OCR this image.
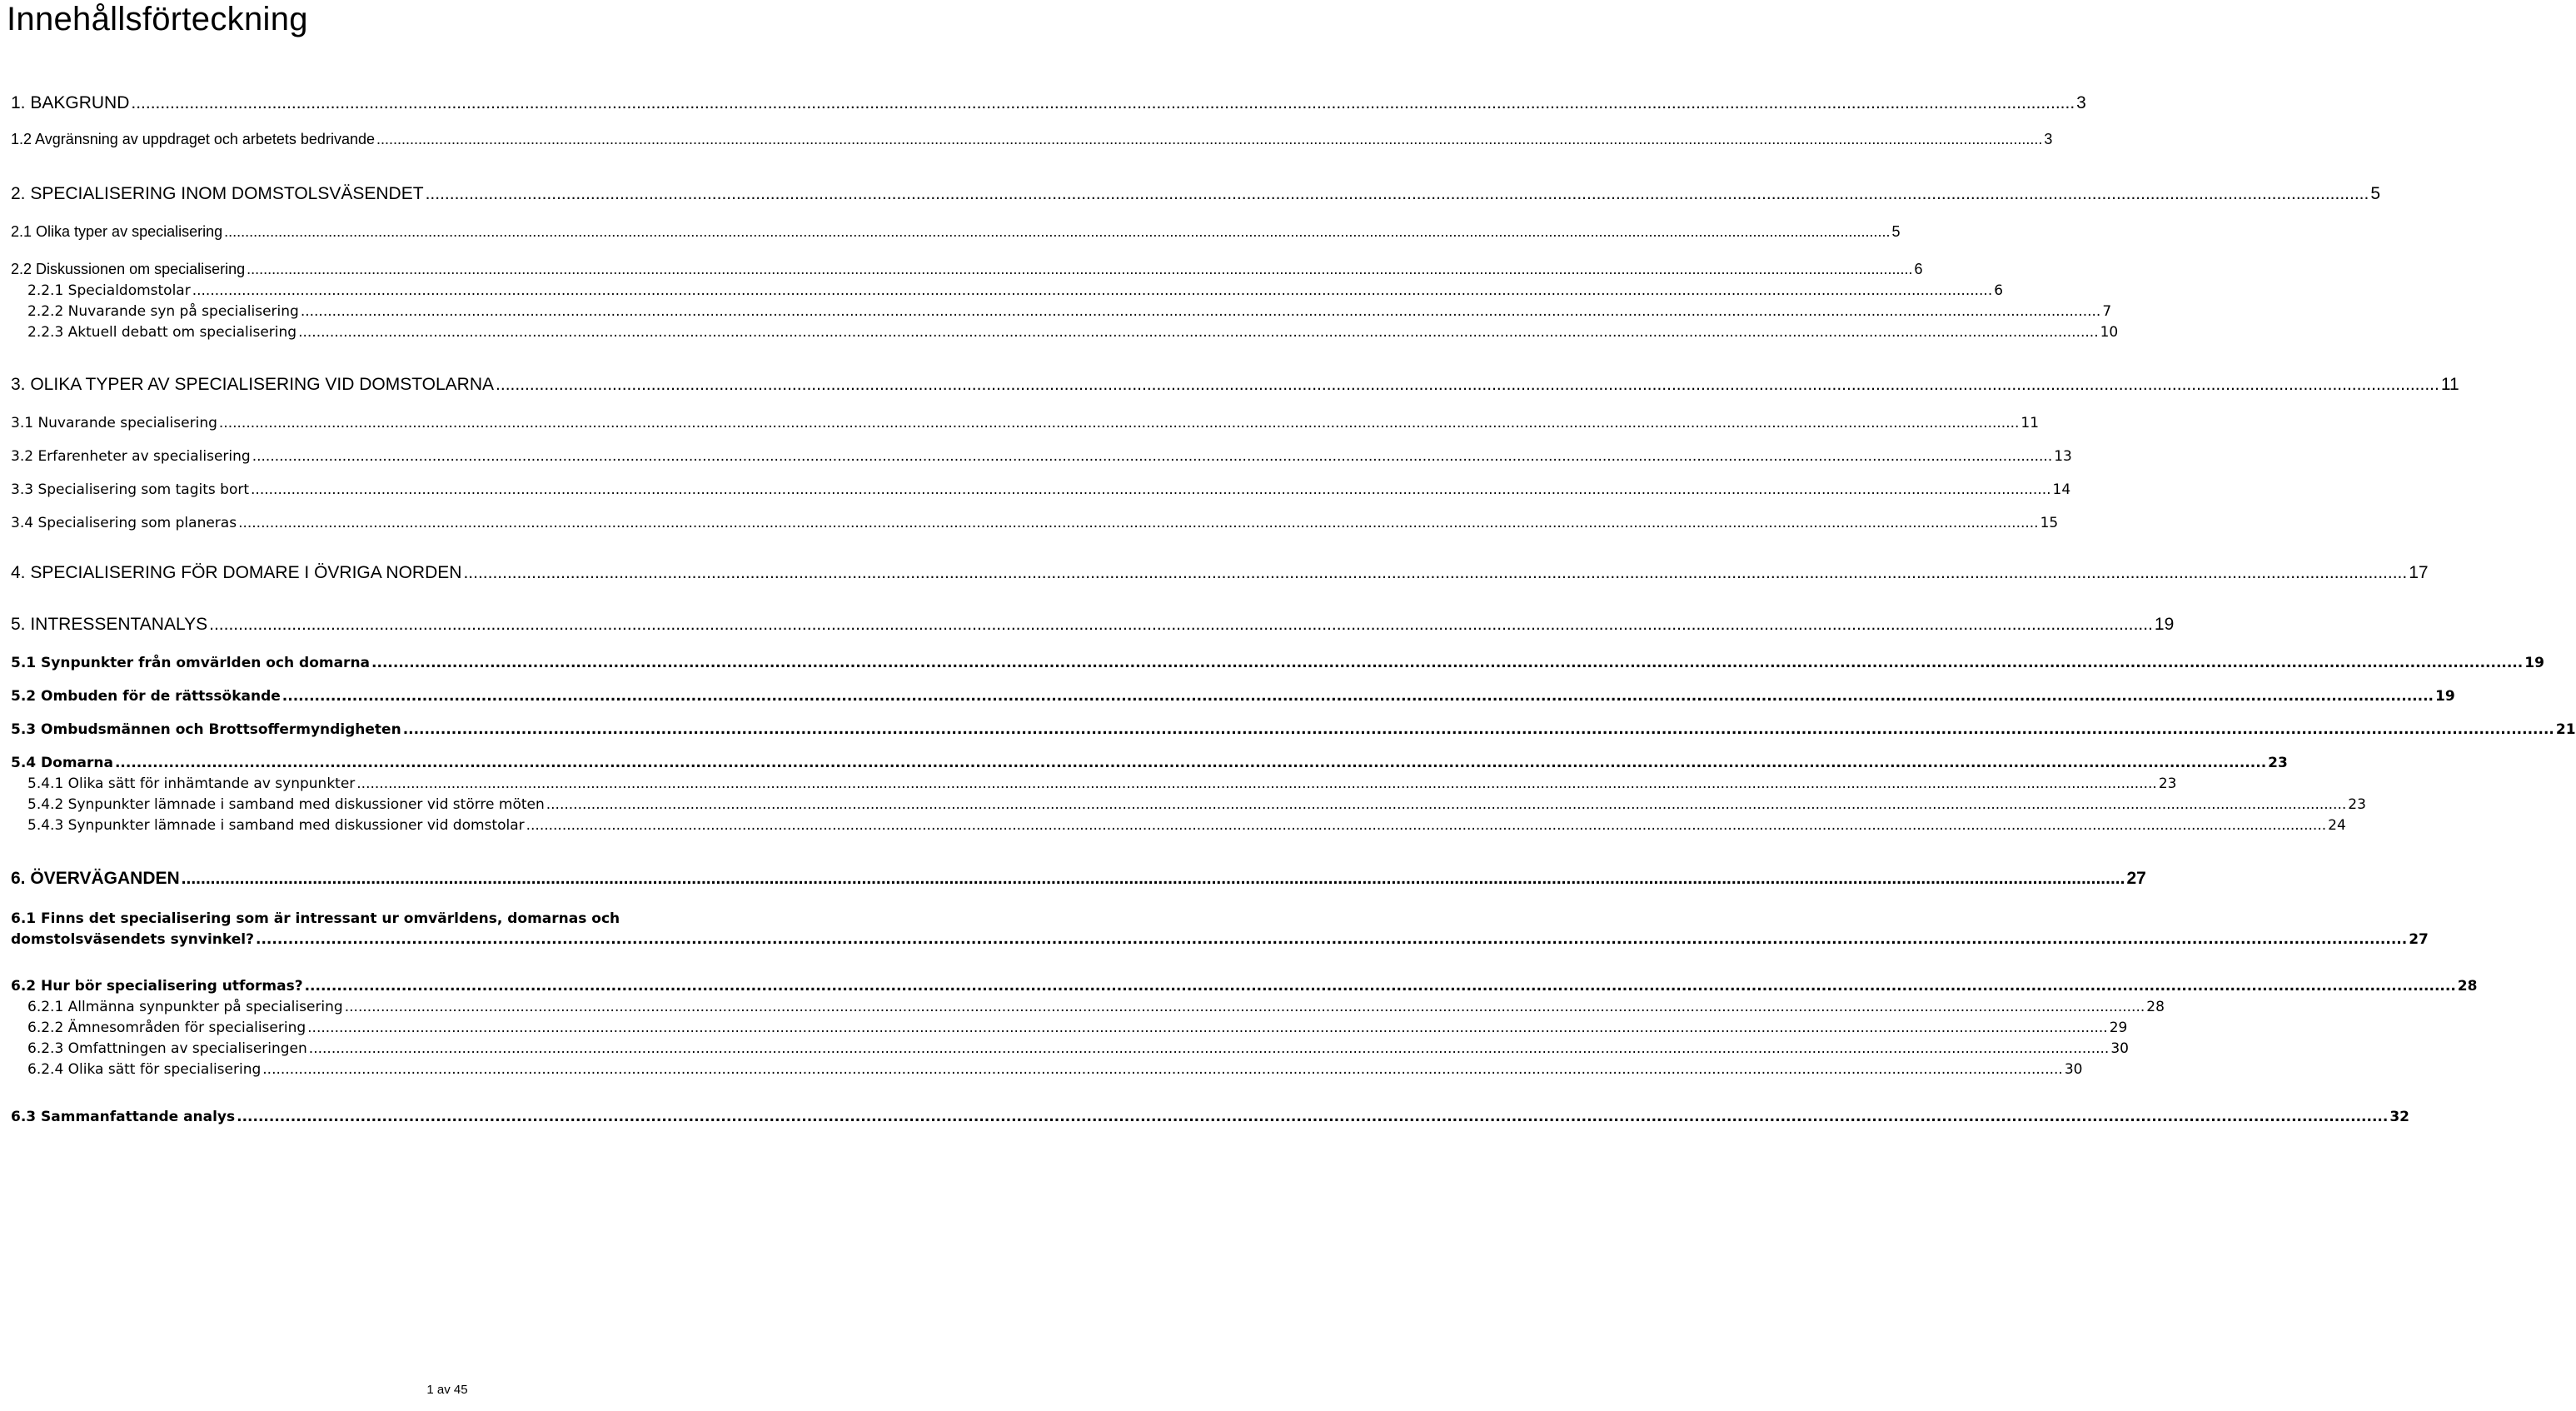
Innehållsförteckning
1. BAKGRUND ................................................................................................................................................................................................................................................................................................................................................................................................................ 3
1.2 Avgränsning av uppdraget och arbetets bedrivande ................................................................................................................................................................................................................................................................................................................................................................................................................ 3
2. SPECIALISERING INOM DOMSTOLSVÄSENDET ................................................................................................................................................................................................................................................................................................................................................................................................................ 5
2.1 Olika typer av specialisering ................................................................................................................................................................................................................................................................................................................................................................................................................ 5
2.2 Diskussionen om specialisering ................................................................................................................................................................................................................................................................................................................................................................................................................ 6
2.2.1 Specialdomstolar ................................................................................................................................................................................................................................................................................................................................................................................................................ 6
2.2.2 Nuvarande syn på specialisering ................................................................................................................................................................................................................................................................................................................................................................................................................ 7
2.2.3 Aktuell debatt om specialisering ................................................................................................................................................................................................................................................................................................................................................................................................................ 10
3. OLIKA TYPER AV SPECIALISERING VID DOMSTOLARNA ................................................................................................................................................................................................................................................................................................................................................................................................................ 11
3.1 Nuvarande specialisering ................................................................................................................................................................................................................................................................................................................................................................................................................ 11
3.2 Erfarenheter av specialisering ................................................................................................................................................................................................................................................................................................................................................................................................................ 13
3.3 Specialisering som tagits bort ................................................................................................................................................................................................................................................................................................................................................................................................................ 14
3.4 Specialisering som planeras ................................................................................................................................................................................................................................................................................................................................................................................................................ 15
4. SPECIALISERING FÖR DOMARE I ÖVRIGA NORDEN ................................................................................................................................................................................................................................................................................................................................................................................................................ 17
5. INTRESSENTANALYS ................................................................................................................................................................................................................................................................................................................................................................................................................ 19
5.1 Synpunkter från omvärlden och domarna ................................................................................................................................................................................................................................................................................................................................................................................................................ 19
5.2 Ombuden för de rättssökande ................................................................................................................................................................................................................................................................................................................................................................................................................ 19
5.3 Ombudsmännen och Brottsoffermyndigheten ................................................................................................................................................................................................................................................................................................................................................................................................................ 21
5.4 Domarna ................................................................................................................................................................................................................................................................................................................................................................................................................ 23
5.4.1 Olika sätt för inhämtande av synpunkter ................................................................................................................................................................................................................................................................................................................................................................................................................ 23
5.4.2 Synpunkter lämnade i samband med diskussioner vid större möten ................................................................................................................................................................................................................................................................................................................................................................................................................ 23
5.4.3 Synpunkter lämnade i samband med diskussioner vid domstolar ................................................................................................................................................................................................................................................................................................................................................................................................................ 24
6. ÖVERVÄGANDEN ................................................................................................................................................................................................................................................................................................................................................................................................................ 27
6.1 Finns det specialisering som är intressant ur omvärldens, domarnas och
domstolsväsendets synvinkel? ................................................................................................................................................................................................................................................................................................................................................................................................................ 27
6.2 Hur bör specialisering utformas? ................................................................................................................................................................................................................................................................................................................................................................................................................ 28
6.2.1 Allmänna synpunkter på specialisering ................................................................................................................................................................................................................................................................................................................................................................................................................ 28
6.2.2 Ämnesområden för specialisering ................................................................................................................................................................................................................................................................................................................................................................................................................ 29
6.2.3 Omfattningen av specialiseringen ................................................................................................................................................................................................................................................................................................................................................................................................................ 30
6.2.4 Olika sätt för specialisering ................................................................................................................................................................................................................................................................................................................................................................................................................ 30
6.3 Sammanfattande analys ................................................................................................................................................................................................................................................................................................................................................................................................................ 32
1 av 45
